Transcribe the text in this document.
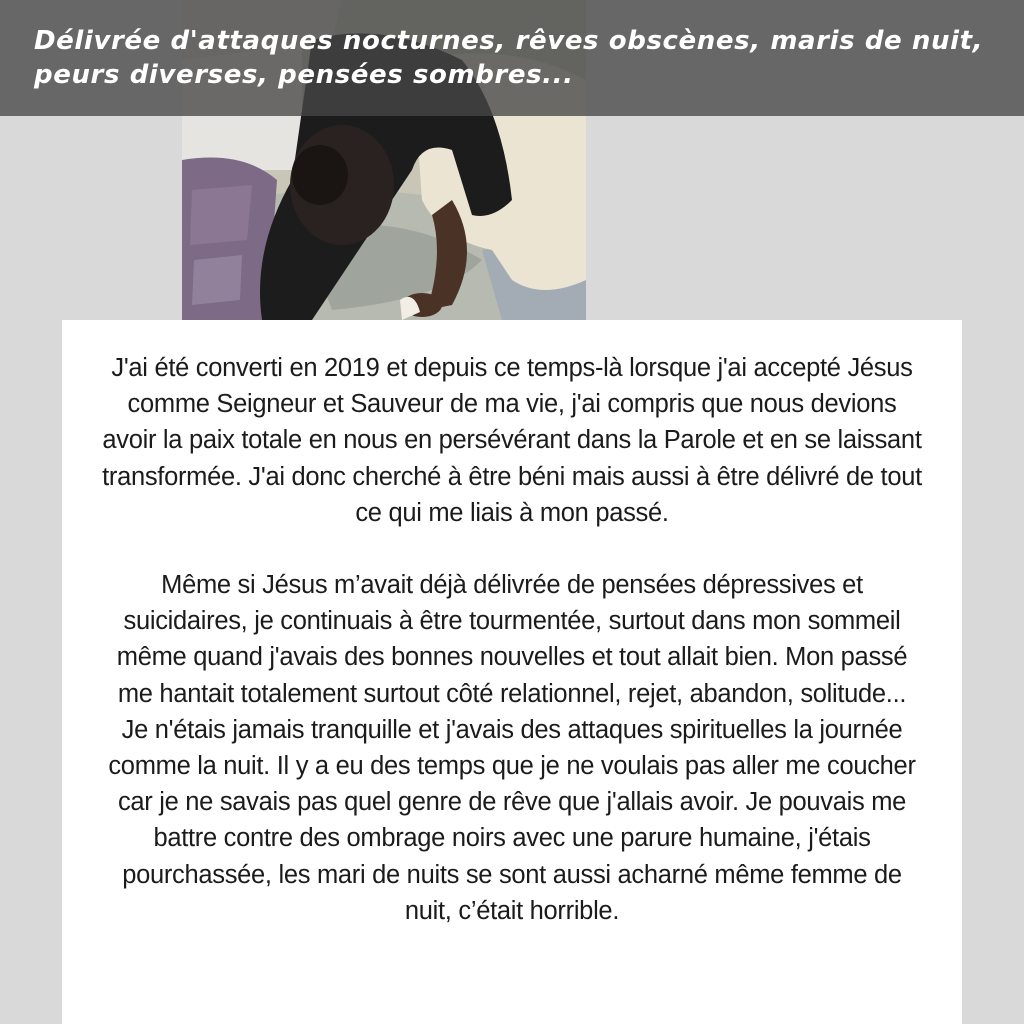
Délivrée d'attaques nocturnes, rêves obscènes, maris de nuit, peurs diverses, pensées sombres...

J'ai été converti en 2019 et depuis ce temps-là lorsque j'ai accepté Jésus comme Seigneur et Sauveur de ma vie, j'ai compris que nous devions avoir la paix totale en nous en persévérant dans la Parole et en se laissant transformée. J'ai donc cherché à être béni mais aussi à être délivré de tout ce qui me liais à mon passé.

Même si Jésus m’avait déjà délivrée de pensées dépressives et suicidaires, je continuais à être tourmentée, surtout dans mon sommeil même quand j'avais des bonnes nouvelles et tout allait bien. Mon passé me hantait totalement surtout côté relationnel, rejet, abandon, solitude... Je n'étais jamais tranquille et j'avais des attaques spirituelles la journée comme la nuit. Il y a eu des temps que je ne voulais pas aller me coucher car je ne savais pas quel genre de rêve que j'allais avoir. Je pouvais me battre contre des ombrage noirs avec une parure humaine, j'étais pourchassée, les mari de nuits se sont aussi acharné même femme de nuit, c’était horrible.
